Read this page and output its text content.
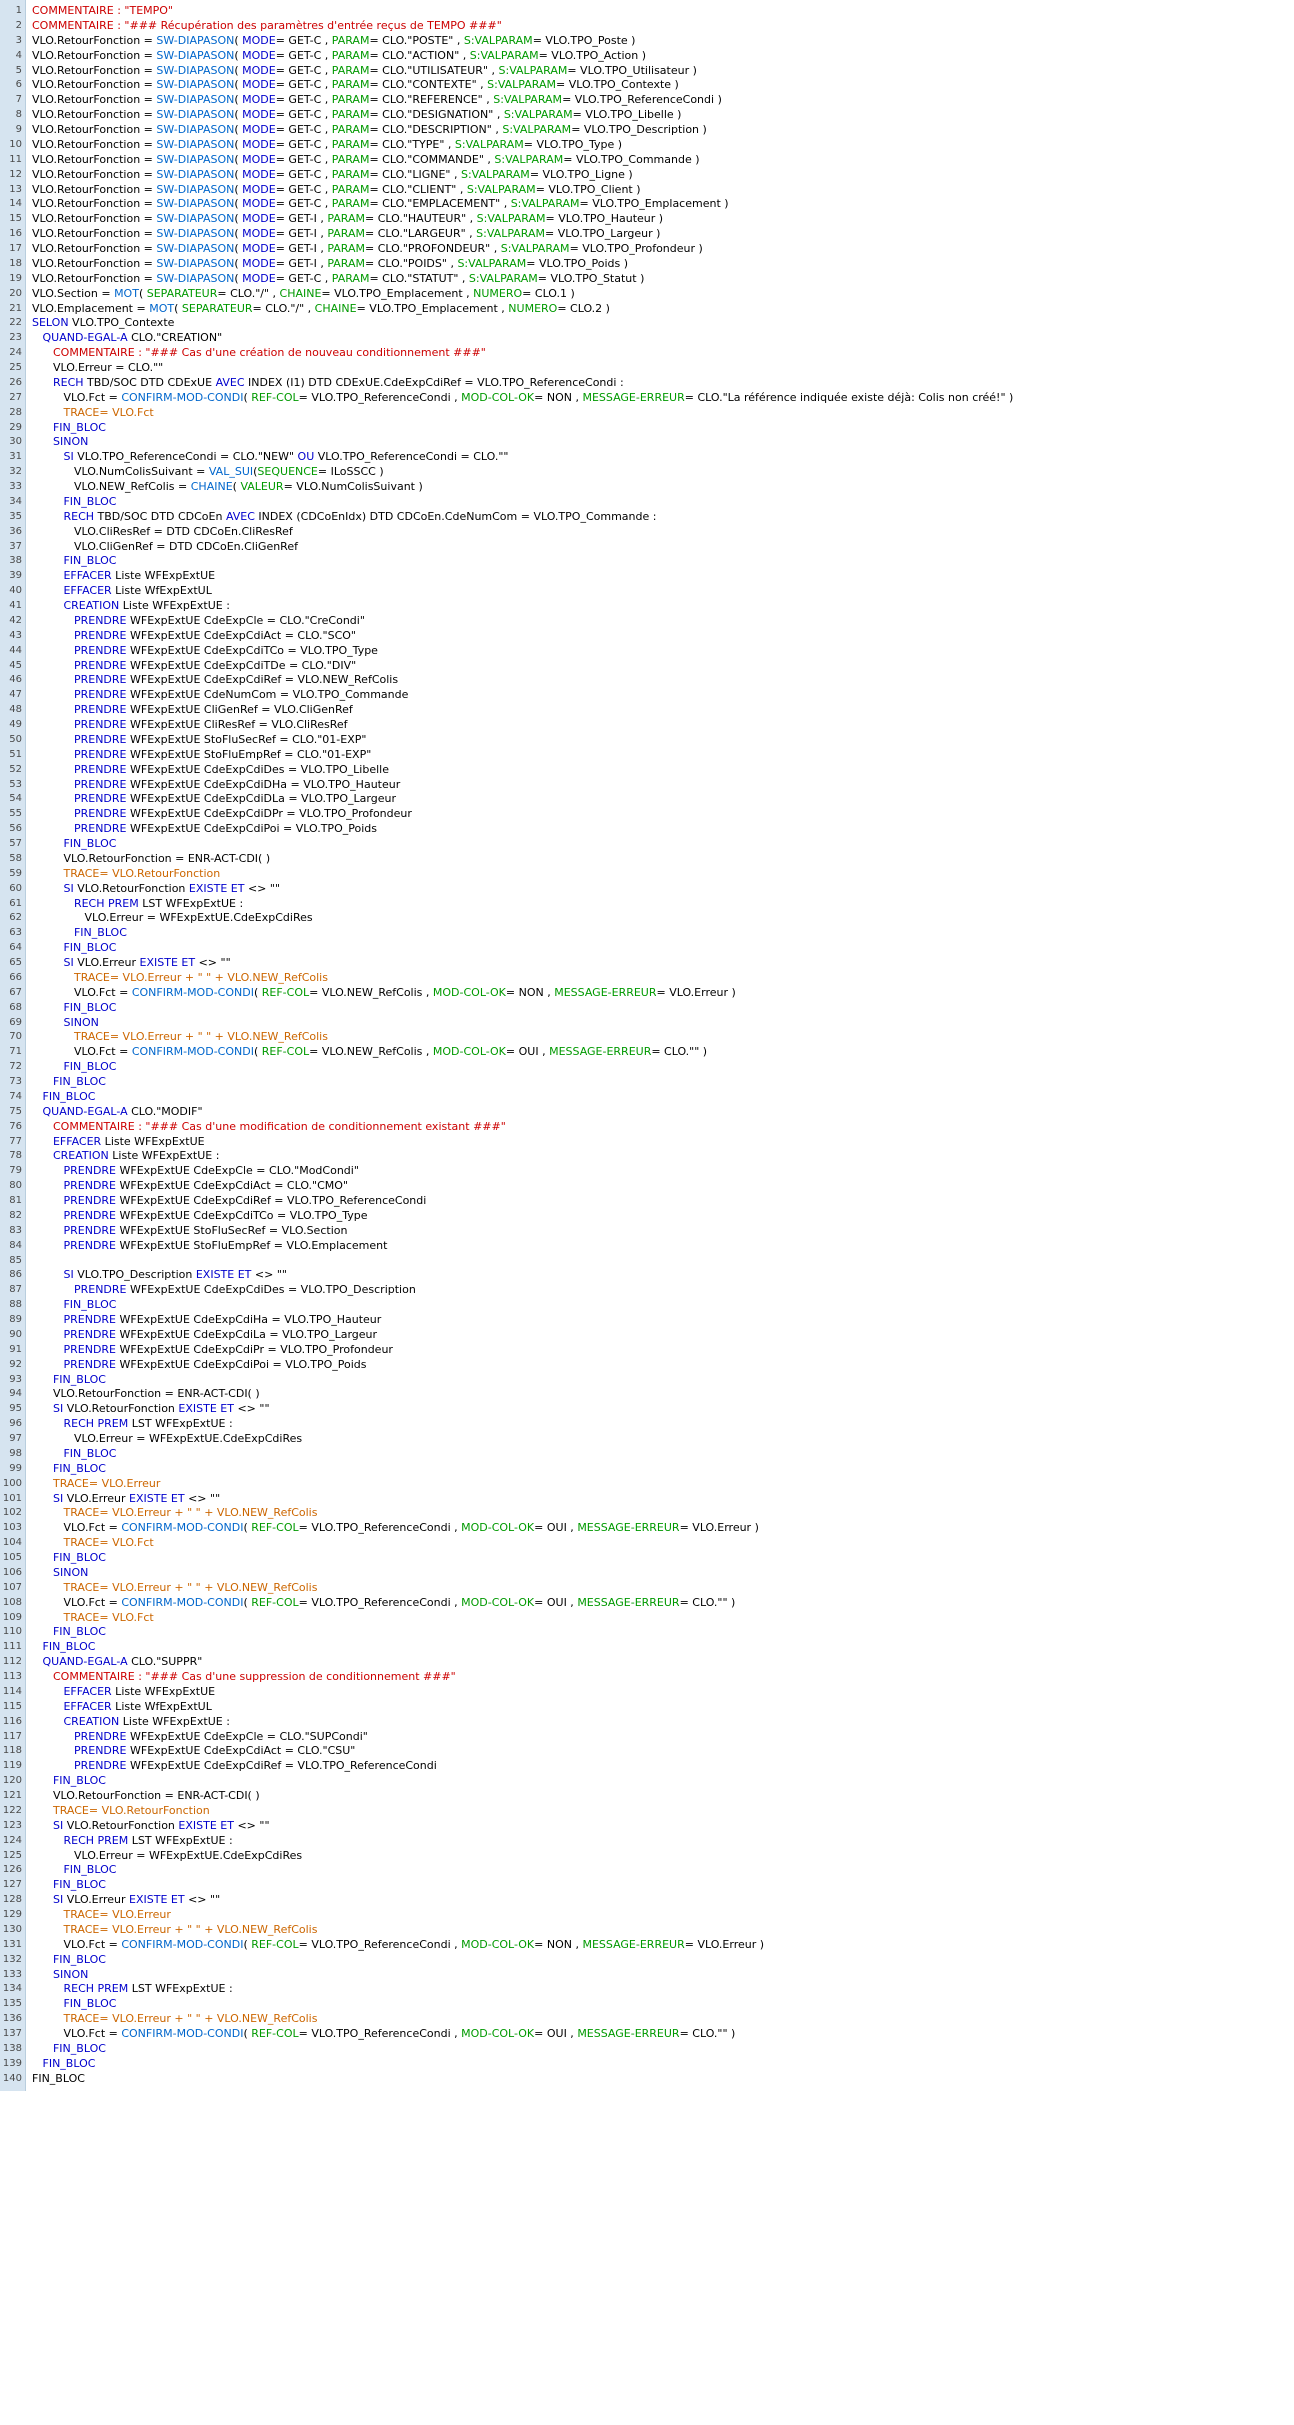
1
2
3
4
5
6
7
8
9
10
11
12
13
14
15
16
17
18
19
20
21
22
23
24
25
26
27
28
29
30
31
32
33
34
35
36
37
38
39
40
41
42
43
44
45
46
47
48
49
50
51
52
53
54
55
56
57
58
59
60
61
62
63
64
65
66
67
68
69
70
71
72
73
74
75
76
77
78
79
80
81
82
83
84
85
86
87
88
89
90
91
92
93
94
95
96
97
98
99
100
101
102
103
104
105
106
107
108
109
110
111
112
113
114
115
116
117
118
119
120
121
122
123
124
125
126
127
128
129
130
131
132
133
134
135
136
137
138
139
140
COMMENTAIRE : "TEMPO"
COMMENTAIRE : "### Récupération des paramètres d'entrée reçus de TEMPO ###"
VLO.RetourFonction = SW-DIAPASON( MODE= GET-C , PARAM= CLO."POSTE" , S:VALPARAM= VLO.TPO_Poste )
VLO.RetourFonction = SW-DIAPASON( MODE= GET-C , PARAM= CLO."ACTION" , S:VALPARAM= VLO.TPO_Action )
VLO.RetourFonction = SW-DIAPASON( MODE= GET-C , PARAM= CLO."UTILISATEUR" , S:VALPARAM= VLO.TPO_Utilisateur )
VLO.RetourFonction = SW-DIAPASON( MODE= GET-C , PARAM= CLO."CONTEXTE" , S:VALPARAM= VLO.TPO_Contexte )
VLO.RetourFonction = SW-DIAPASON( MODE= GET-C , PARAM= CLO."REFERENCE" , S:VALPARAM= VLO.TPO_ReferenceCondi )
VLO.RetourFonction = SW-DIAPASON( MODE= GET-C , PARAM= CLO."DESIGNATION" , S:VALPARAM= VLO.TPO_Libelle )
VLO.RetourFonction = SW-DIAPASON( MODE= GET-C , PARAM= CLO."DESCRIPTION" , S:VALPARAM= VLO.TPO_Description )
VLO.RetourFonction = SW-DIAPASON( MODE= GET-C , PARAM= CLO."TYPE" , S:VALPARAM= VLO.TPO_Type )
VLO.RetourFonction = SW-DIAPASON( MODE= GET-C , PARAM= CLO."COMMANDE" , S:VALPARAM= VLO.TPO_Commande )
VLO.RetourFonction = SW-DIAPASON( MODE= GET-C , PARAM= CLO."LIGNE" , S:VALPARAM= VLO.TPO_Ligne )
VLO.RetourFonction = SW-DIAPASON( MODE= GET-C , PARAM= CLO."CLIENT" , S:VALPARAM= VLO.TPO_Client )
VLO.RetourFonction = SW-DIAPASON( MODE= GET-C , PARAM= CLO."EMPLACEMENT" , S:VALPARAM= VLO.TPO_Emplacement )
VLO.RetourFonction = SW-DIAPASON( MODE= GET-I , PARAM= CLO."HAUTEUR" , S:VALPARAM= VLO.TPO_Hauteur )
VLO.RetourFonction = SW-DIAPASON( MODE= GET-I , PARAM= CLO."LARGEUR" , S:VALPARAM= VLO.TPO_Largeur )
VLO.RetourFonction = SW-DIAPASON( MODE= GET-I , PARAM= CLO."PROFONDEUR" , S:VALPARAM= VLO.TPO_Profondeur )
VLO.RetourFonction = SW-DIAPASON( MODE= GET-I , PARAM= CLO."POIDS" , S:VALPARAM= VLO.TPO_Poids )
VLO.RetourFonction = SW-DIAPASON( MODE= GET-C , PARAM= CLO."STATUT" , S:VALPARAM= VLO.TPO_Statut )
VLO.Section = MOT( SEPARATEUR= CLO."/" , CHAINE= VLO.TPO_Emplacement , NUMERO= CLO.1 )
VLO.Emplacement = MOT( SEPARATEUR= CLO."/" , CHAINE= VLO.TPO_Emplacement , NUMERO= CLO.2 )
SELON VLO.TPO_Contexte
QUAND-EGAL-A CLO."CREATION"
COMMENTAIRE : "### Cas d'une création de nouveau conditionnement ###"
VLO.Erreur = CLO.""
RECH TBD/SOC DTD CDExUE AVEC INDEX (I1) DTD CDExUE.CdeExpCdiRef = VLO.TPO_ReferenceCondi :
VLO.Fct = CONFIRM-MOD-CONDI( REF-COL= VLO.TPO_ReferenceCondi , MOD-COL-OK= NON , MESSAGE-ERREUR= CLO."La référence indiquée existe déjà: Colis non créé!" )
TRACE= VLO.Fct
FIN_BLOC
SINON
SI VLO.TPO_ReferenceCondi = CLO."NEW" OU VLO.TPO_ReferenceCondi = CLO.""
VLO.NumColisSuivant = VAL_SUI(SEQUENCE= ILoSSCC )
VLO.NEW_RefColis = CHAINE( VALEUR= VLO.NumColisSuivant )
FIN_BLOC
RECH TBD/SOC DTD CDCoEn AVEC INDEX (CDCoEnIdx) DTD CDCoEn.CdeNumCom = VLO.TPO_Commande :
VLO.CliResRef = DTD CDCoEn.CliResRef
VLO.CliGenRef = DTD CDCoEn.CliGenRef
FIN_BLOC
EFFACER Liste WFExpExtUE
EFFACER Liste WfExpExtUL
CREATION Liste WFExpExtUE :
PRENDRE WFExpExtUE CdeExpCle = CLO."CreCondi"
PRENDRE WFExpExtUE CdeExpCdiAct = CLO."SCO"
PRENDRE WFExpExtUE CdeExpCdiTCo = VLO.TPO_Type
PRENDRE WFExpExtUE CdeExpCdiTDe = CLO."DIV"
PRENDRE WFExpExtUE CdeExpCdiRef = VLO.NEW_RefColis
PRENDRE WFExpExtUE CdeNumCom = VLO.TPO_Commande
PRENDRE WFExpExtUE CliGenRef = VLO.CliGenRef
PRENDRE WFExpExtUE CliResRef = VLO.CliResRef
PRENDRE WFExpExtUE StoFluSecRef = CLO."01-EXP"
PRENDRE WFExpExtUE StoFluEmpRef = CLO."01-EXP"
PRENDRE WFExpExtUE CdeExpCdiDes = VLO.TPO_Libelle
PRENDRE WFExpExtUE CdeExpCdiDHa = VLO.TPO_Hauteur
PRENDRE WFExpExtUE CdeExpCdiDLa = VLO.TPO_Largeur
PRENDRE WFExpExtUE CdeExpCdiDPr = VLO.TPO_Profondeur
PRENDRE WFExpExtUE CdeExpCdiPoi = VLO.TPO_Poids
FIN_BLOC
VLO.RetourFonction = ENR-ACT-CDI( )
TRACE= VLO.RetourFonction
SI VLO.RetourFonction EXISTE ET <> ""
RECH PREM LST WFExpExtUE :
VLO.Erreur = WFExpExtUE.CdeExpCdiRes
FIN_BLOC
FIN_BLOC
SI VLO.Erreur EXISTE ET <> ""
TRACE= VLO.Erreur + " " + VLO.NEW_RefColis
VLO.Fct = CONFIRM-MOD-CONDI( REF-COL= VLO.NEW_RefColis , MOD-COL-OK= NON , MESSAGE-ERREUR= VLO.Erreur )
FIN_BLOC
SINON
TRACE= VLO.Erreur + " " + VLO.NEW_RefColis
VLO.Fct = CONFIRM-MOD-CONDI( REF-COL= VLO.NEW_RefColis , MOD-COL-OK= OUI , MESSAGE-ERREUR= CLO."" )
FIN_BLOC
FIN_BLOC
FIN_BLOC
QUAND-EGAL-A CLO."MODIF"
COMMENTAIRE : "### Cas d'une modification de conditionnement existant ###"
EFFACER Liste WFExpExtUE
CREATION Liste WFExpExtUE :
PRENDRE WFExpExtUE CdeExpCle = CLO."ModCondi"
PRENDRE WFExpExtUE CdeExpCdiAct = CLO."CMO"
PRENDRE WFExpExtUE CdeExpCdiRef = VLO.TPO_ReferenceCondi
PRENDRE WFExpExtUE CdeExpCdiTCo = VLO.TPO_Type
PRENDRE WFExpExtUE StoFluSecRef = VLO.Section
PRENDRE WFExpExtUE StoFluEmpRef = VLO.Emplacement
SI VLO.TPO_Description EXISTE ET <> ""
PRENDRE WFExpExtUE CdeExpCdiDes = VLO.TPO_Description
FIN_BLOC
PRENDRE WFExpExtUE CdeExpCdiHa = VLO.TPO_Hauteur
PRENDRE WFExpExtUE CdeExpCdiLa = VLO.TPO_Largeur
PRENDRE WFExpExtUE CdeExpCdiPr = VLO.TPO_Profondeur
PRENDRE WFExpExtUE CdeExpCdiPoi = VLO.TPO_Poids
FIN_BLOC
VLO.RetourFonction = ENR-ACT-CDI( )
SI VLO.RetourFonction EXISTE ET <> ""
RECH PREM LST WFExpExtUE :
VLO.Erreur = WFExpExtUE.CdeExpCdiRes
FIN_BLOC
FIN_BLOC
TRACE= VLO.Erreur
SI VLO.Erreur EXISTE ET <> ""
TRACE= VLO.Erreur + " " + VLO.NEW_RefColis
VLO.Fct = CONFIRM-MOD-CONDI( REF-COL= VLO.TPO_ReferenceCondi , MOD-COL-OK= OUI , MESSAGE-ERREUR= VLO.Erreur )
TRACE= VLO.Fct
FIN_BLOC
SINON
TRACE= VLO.Erreur + " " + VLO.NEW_RefColis
VLO.Fct = CONFIRM-MOD-CONDI( REF-COL= VLO.TPO_ReferenceCondi , MOD-COL-OK= OUI , MESSAGE-ERREUR= CLO."" )
TRACE= VLO.Fct
FIN_BLOC
FIN_BLOC
QUAND-EGAL-A CLO."SUPPR"
COMMENTAIRE : "### Cas d'une suppression de conditionnement ###"
EFFACER Liste WFExpExtUE
EFFACER Liste WfExpExtUL
CREATION Liste WFExpExtUE :
PRENDRE WFExpExtUE CdeExpCle = CLO."SUPCondi"
PRENDRE WFExpExtUE CdeExpCdiAct = CLO."CSU"
PRENDRE WFExpExtUE CdeExpCdiRef = VLO.TPO_ReferenceCondi
FIN_BLOC
VLO.RetourFonction = ENR-ACT-CDI( )
TRACE= VLO.RetourFonction
SI VLO.RetourFonction EXISTE ET <> ""
RECH PREM LST WFExpExtUE :
VLO.Erreur = WFExpExtUE.CdeExpCdiRes
FIN_BLOC
FIN_BLOC
SI VLO.Erreur EXISTE ET <> ""
TRACE= VLO.Erreur
TRACE= VLO.Erreur + " " + VLO.NEW_RefColis
VLO.Fct = CONFIRM-MOD-CONDI( REF-COL= VLO.TPO_ReferenceCondi , MOD-COL-OK= NON , MESSAGE-ERREUR= VLO.Erreur )
FIN_BLOC
SINON
RECH PREM LST WFExpExtUE :
FIN_BLOC
TRACE= VLO.Erreur + " " + VLO.NEW_RefColis
VLO.Fct = CONFIRM-MOD-CONDI( REF-COL= VLO.TPO_ReferenceCondi , MOD-COL-OK= OUI , MESSAGE-ERREUR= CLO."" )
FIN_BLOC
FIN_BLOC
FIN_BLOC
